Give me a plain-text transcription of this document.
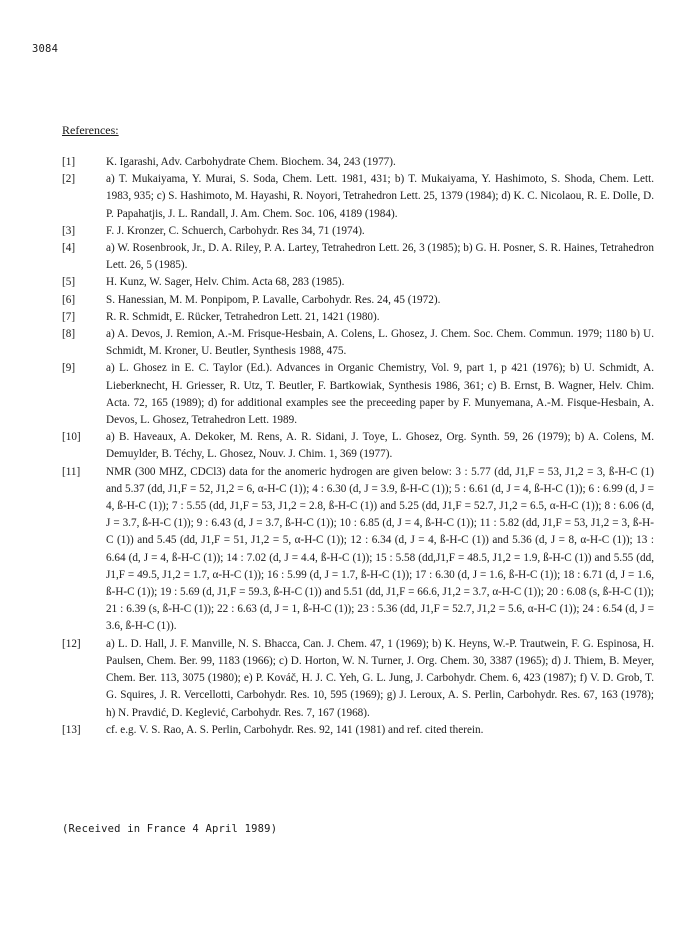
3084
References:
[1]	K. Igarashi, Adv. Carbohydrate Chem. Biochem. 34, 243 (1977).
[2]	a) T. Mukaiyama, Y. Murai, S. Soda, Chem. Lett. 1981, 431; b) T. Mukaiyama, Y. Hashimoto, S. Shoda, Chem. Lett. 1983, 935; c) S. Hashimoto, M. Hayashi, R. Noyori, Tetrahedron Lett. 25, 1379 (1984); d) K. C. Nicolaou, R. E. Dolle, D. P. Papahatjis, J. L. Randall, J. Am. Chem. Soc. 106, 4189 (1984).
[3]	F. J. Kronzer, C. Schuerch, Carbohydr. Res 34, 71 (1974).
[4]	a) W. Rosenbrook, Jr., D. A. Riley, P. A. Lartey, Tetrahedron Lett. 26, 3 (1985); b) G. H. Posner, S. R. Haines, Tetrahedron Lett. 26, 5 (1985).
[5]	H. Kunz, W. Sager, Helv. Chim. Acta 68, 283 (1985).
[6]	S. Hanessian, M. M. Ponpipom, P. Lavalle, Carbohydr. Res. 24, 45 (1972).
[7]	R. R. Schmidt, E. Rücker, Tetrahedron Lett. 21, 1421 (1980).
[8]	a) A. Devos, J. Remion, A.-M. Frisque-Hesbain, A. Colens, L. Ghosez, J. Chem. Soc. Chem. Commun. 1979; 1180 b) U. Schmidt, M. Kroner, U. Beutler, Synthesis 1988, 475.
[9]	a) L. Ghosez in E. C. Taylor (Ed.). Advances in Organic Chemistry, Vol. 9, part 1, p 421 (1976); b) U. Schmidt, A. Lieberknecht, H. Griesser, R. Utz, T. Beutler, F. Bartkowiak, Synthesis 1986, 361; c) B. Ernst, B. Wagner, Helv. Chim. Acta. 72, 165 (1989); d) for additional examples see the preceeding paper by F. Munyemana, A.-M. Fisque-Hesbain, A. Devos, L. Ghosez, Tetrahedron Lett. 1989.
[10]	a) B. Haveaux, A. Dekoker, M. Rens, A. R. Sidani, J. Toye, L. Ghosez, Org. Synth. 59, 26 (1979); b) A. Colens, M. Demuylder, B. Téchy, L. Ghosez, Nouv. J. Chim. 1, 369 (1977).
[11]	NMR (300 MHZ, CDCl3) data for the anomeric hydrogen are given below: 3 : 5.77 (dd, J1,F = 53, J1,2 = 3, ß-H-C (1) and 5.37 (dd, J1,F = 52, J1,2 = 6, α-H-C (1)); 4 : 6.30 (d, J = 3.9, ß-H-C (1)); 5 : 6.61 (d, J = 4, ß-H-C (1)); 6 : 6.99 (d, J = 4, ß-H-C (1)); 7 : 5.55 (dd, J1,F = 53, J1,2 = 2.8, ß-H-C (1)) and 5.25 (dd, J1,F = 52.7, J1,2 = 6.5, α-H-C (1)); 8 : 6.06 (d, J = 3.7, ß-H-C (1)); 9 : 6.43 (d, J = 3.7, ß-H-C (1)); 10 : 6.85 (d, J = 4, ß-H-C (1)); 11 : 5.82 (dd, J1,F = 53, J1,2 = 3, ß-H-C (1)) and 5.45 (dd, J1,F = 51, J1,2 = 5, α-H-C (1)); 12 : 6.34 (d, J = 4, ß-H-C (1)) and 5.36 (d, J = 8, α-H-C (1)); 13 : 6.64 (d, J = 4, ß-H-C (1)); 14 : 7.02 (d, J = 4.4, ß-H-C (1)); 15 : 5.58 (dd,J1,F = 48.5, J1,2 = 1.9, ß-H-C (1)) and 5.55 (dd, J1,F = 49.5, J1,2 = 1.7, α-H-C (1)); 16 : 5.99 (d, J = 1.7, ß-H-C (1)); 17 : 6.30 (d, J = 1.6, ß-H-C (1)); 18 : 6.71 (d, J = 1.6, ß-H-C (1)); 19 : 5.69 (d, J1,F = 59.3, ß-H-C (1)) and 5.51 (dd, J1,F = 66.6, J1,2 = 3.7, α-H-C (1)); 20 : 6.08 (s, ß-H-C (1)); 21 : 6.39 (s, ß-H-C (1)); 22 : 6.63 (d, J = 1, ß-H-C (1)); 23 : 5.36 (dd, J1,F = 52.7, J1,2 = 5.6, α-H-C (1)); 24 : 6.54 (d, J = 3.6, ß-H-C (1)).
[12]	a) L. D. Hall, J. F. Manville, N. S. Bhacca, Can. J. Chem. 47, 1 (1969); b) K. Heyns, W.-P. Trautwein, F. G. Espinosa, H. Paulsen, Chem. Ber. 99, 1183 (1966); c) D. Horton, W. N. Turner, J. Org. Chem. 30, 3387 (1965); d) J. Thiem, B. Meyer, Chem. Ber. 113, 3075 (1980); e) P. Kováč, H. J. C. Yeh, G. L. Jung, J. Carbohydr. Chem. 6, 423 (1987); f) V. D. Grob, T. G. Squires, J. R. Vercellotti, Carbohydr. Res. 10, 595 (1969); g) J. Leroux, A. S. Perlin, Carbohydr. Res. 67, 163 (1978); h) N. Pravdić, D. Keglević, Carbohydr. Res. 7, 167 (1968).
[13]	cf. e.g. V. S. Rao, A. S. Perlin, Carbohydr. Res. 92, 141 (1981) and ref. cited therein.
(Received in France 4 April 1989)
